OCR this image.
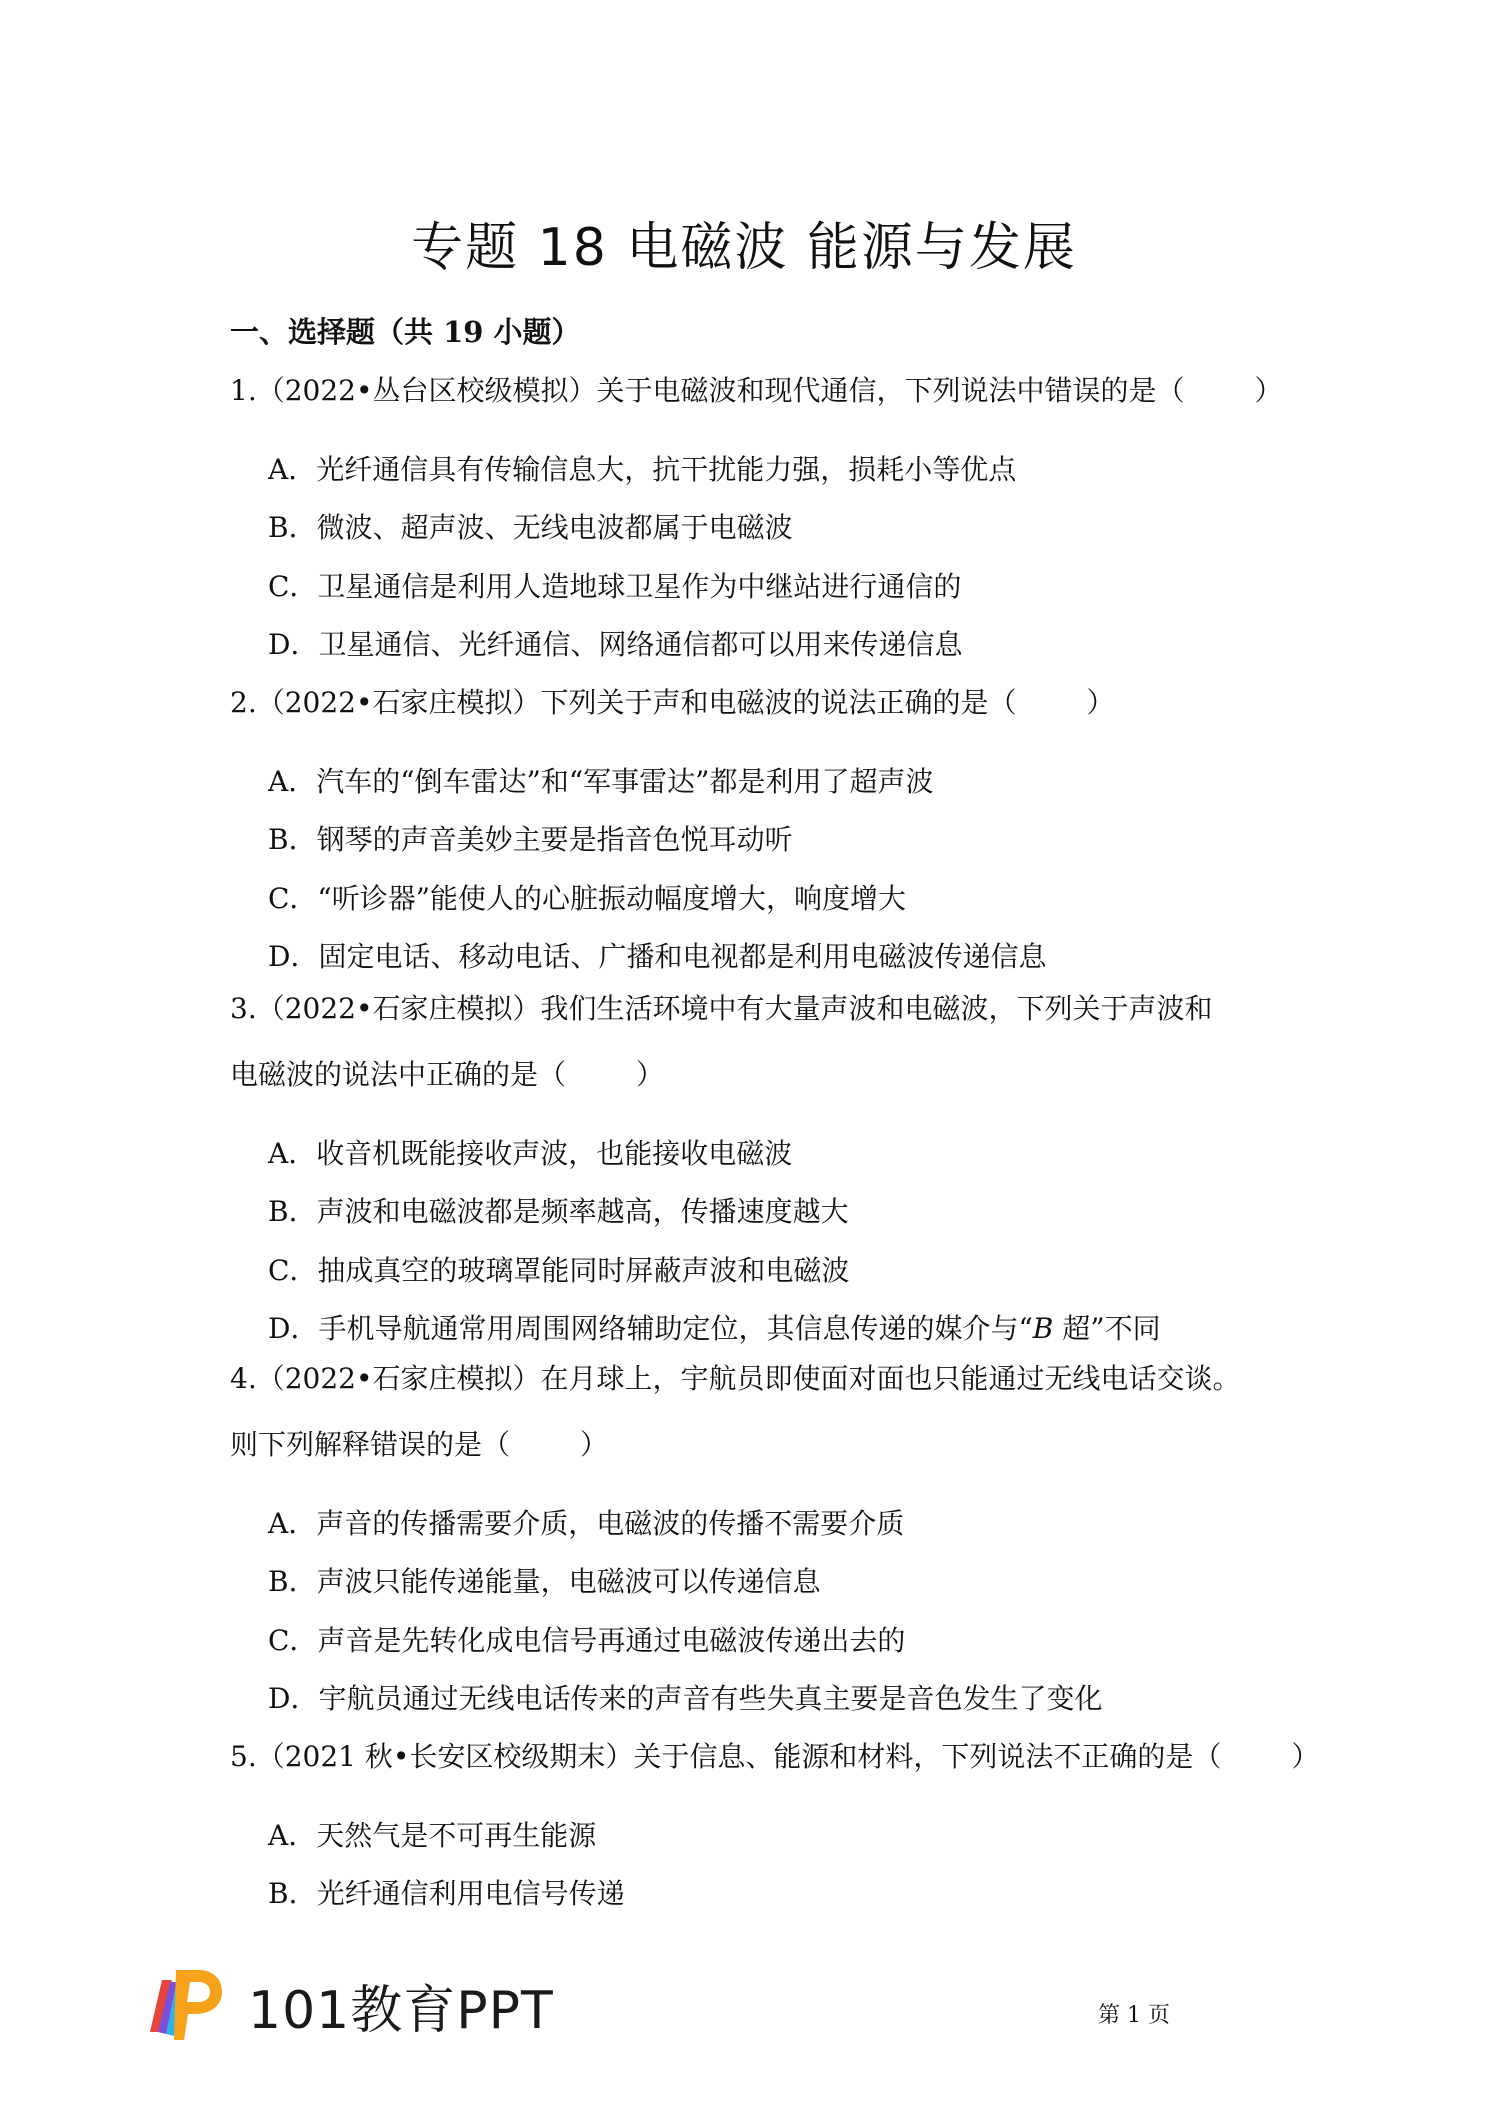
专题 18 电磁波 能源与发展
一、选择题（共 19 小题）
1.（2022•丛台区校级模拟）关于电磁波和现代通信，下列说法中错误的是（	）
A．光纤通信具有传输信息大，抗干扰能力强，损耗小等优点
B．微波、超声波、无线电波都属于电磁波
C．卫星通信是利用人造地球卫星作为中继站进行通信的
D．卫星通信、光纤通信、网络通信都可以用来传递信息
2.（2022•石家庄模拟）下列关于声和电磁波的说法正确的是（	）
A．汽车的“倒车雷达”和“军事雷达”都是利用了超声波
B．钢琴的声音美妙主要是指音色悦耳动听
C．“听诊器”能使人的心脏振动幅度增大，响度增大
D．固定电话、移动电话、广播和电视都是利用电磁波传递信息
3.（2022•石家庄模拟）我们生活环境中有大量声波和电磁波，下列关于声波和
电磁波的说法中正确的是（	）
A．收音机既能接收声波，也能接收电磁波
B．声波和电磁波都是频率越高，传播速度越大
C．抽成真空的玻璃罩能同时屏蔽声波和电磁波
D．手机导航通常用周围网络辅助定位，其信息传递的媒介与“B 超”不同
4.（2022•石家庄模拟）在月球上，宇航员即使面对面也只能通过无线电话交谈。
则下列解释错误的是（	）
A．声音的传播需要介质，电磁波的传播不需要介质
B．声波只能传递能量，电磁波可以传递信息
C．声音是先转化成电信号再通过电磁波传递出去的
D．宇航员通过无线电话传来的声音有些失真主要是音色发生了变化
5.（2021 秋•长安区校级期末）关于信息、能源和材料，下列说法不正确的是（	）
A．天然气是不可再生能源
B．光纤通信利用电信号传递
101教育PPT	第 1 页
